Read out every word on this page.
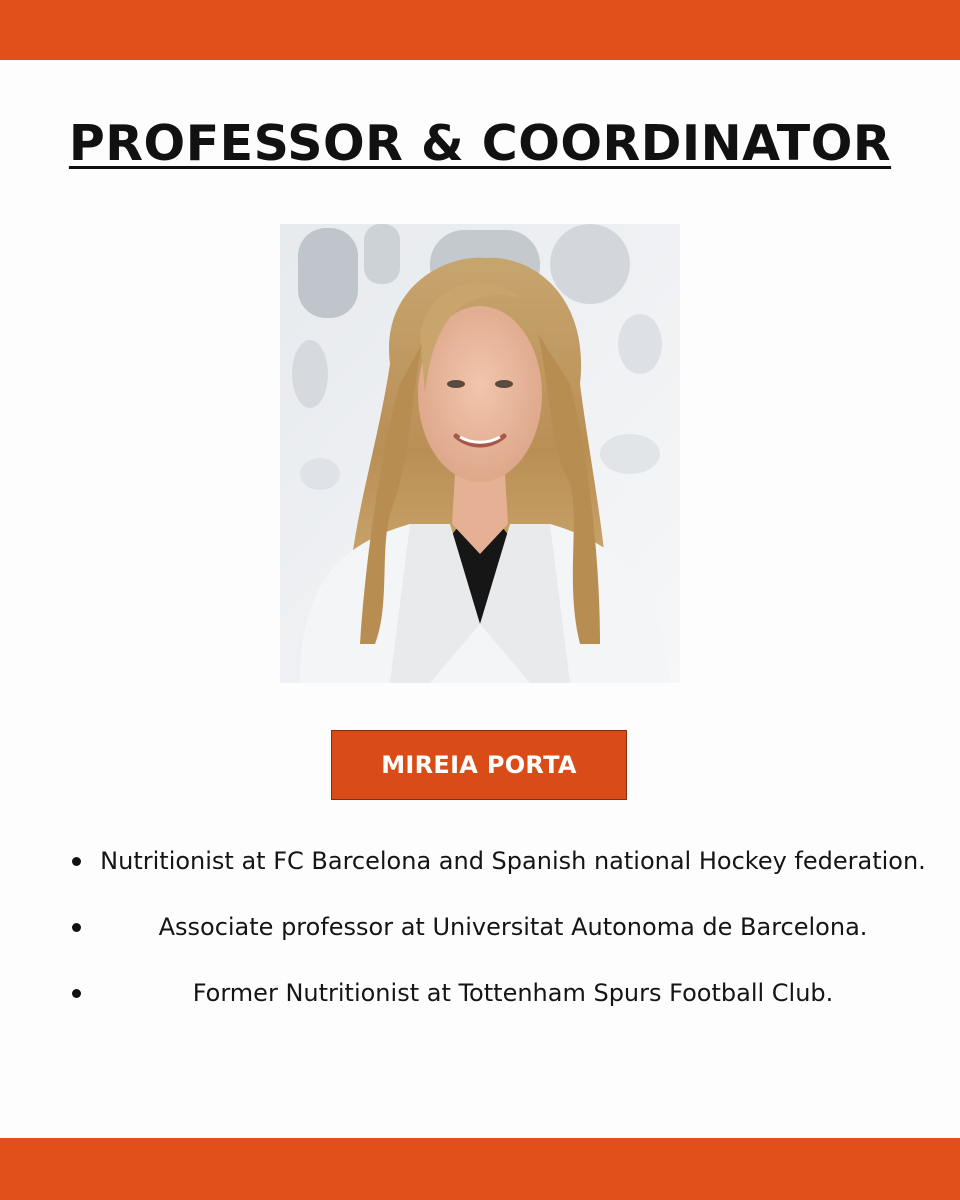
PROFESSOR & COORDINATOR
MIREIA PORTA
Nutritionist at FC Barcelona and Spanish national Hockey federation.
Associate professor at Universitat Autonoma de Barcelona.
Former Nutritionist at Tottenham Spurs Football Club.
